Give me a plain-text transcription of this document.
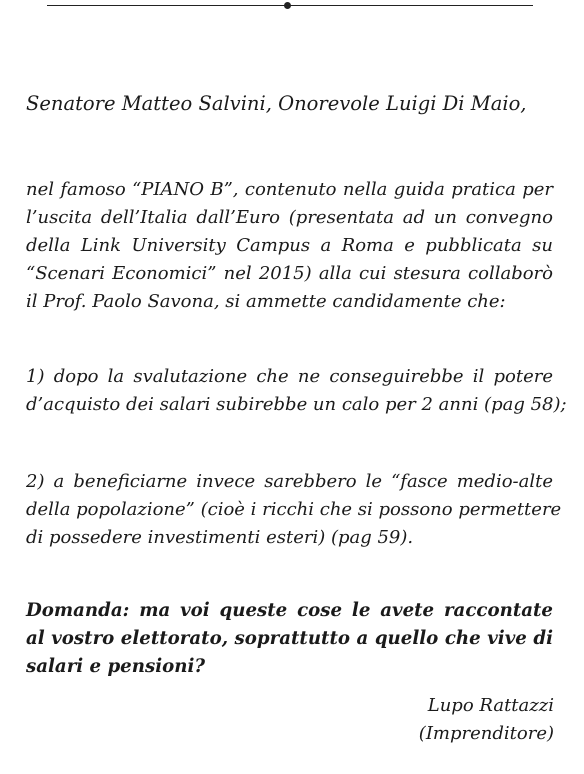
Senatore Matteo Salvini, Onorevole Luigi Di Maio,
nel famoso “PIANO B”, contenuto nella guida pratica per
l’uscita dell’Italia dall’Euro (presentata ad un convegno
della Link University Campus a Roma e pubblicata su
“Scenari Economici” nel 2015) alla cui stesura collaborò
il Prof. Paolo Savona, si ammette candidamente che:
1) dopo la svalutazione che ne conseguirebbe il potere
d’acquisto dei salari subirebbe un calo per 2 anni (pag 58);
2) a beneficiarne invece sarebbero le “fasce medio-alte
della popolazione” (cioè i ricchi che si possono permettere
di possedere investimenti esteri) (pag 59).
Domanda: ma voi queste cose le avete raccontate
al vostro elettorato, soprattutto a quello che vive di
salari e pensioni?
Lupo Rattazzi
(Imprenditore)
